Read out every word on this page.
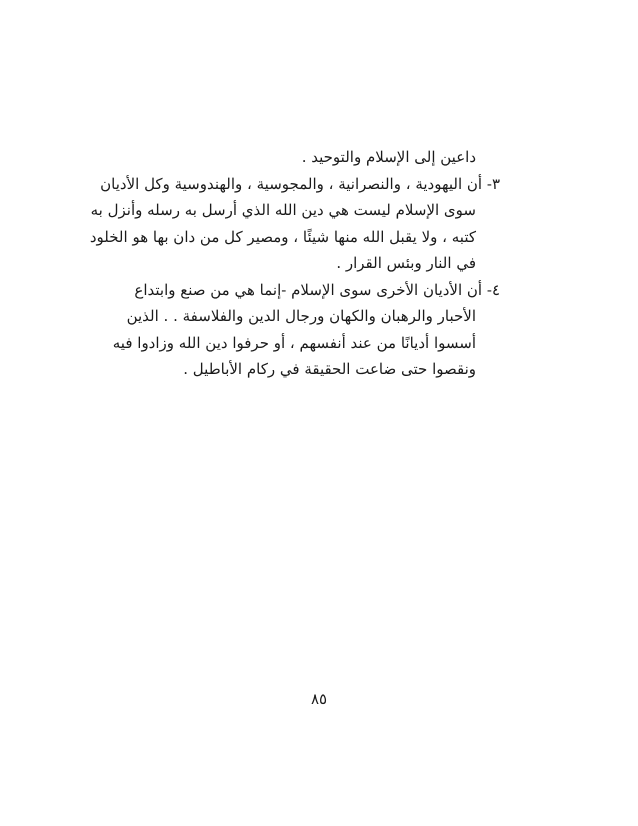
داعين إلى الإسلام والتوحيد .
٣- أن اليهودية ، والنصرانية ، والمجوسية ، والهندوسية وكل الأديان
سوى الإسلام ليست هي دين الله الذي أرسل به رسله وأنزل به
كتبه ، ولا يقبل الله منها شيئًا ، ومصير كل من دان بها هو الخلود
في النار وبئس القرار .
٤- أن الأديان الأخرى سوى الإسلام -إنما هي من صنع وابتداع
الأحبار والرهبان والكهان ورجال الدين والفلاسفة . . الذين
أسسوا أديانًا من عند أنفسهم ، أو حرفوا دين الله وزادوا فيه
ونقصوا حتى ضاعت الحقيقة في ركام الأباطيل .
٨٥
